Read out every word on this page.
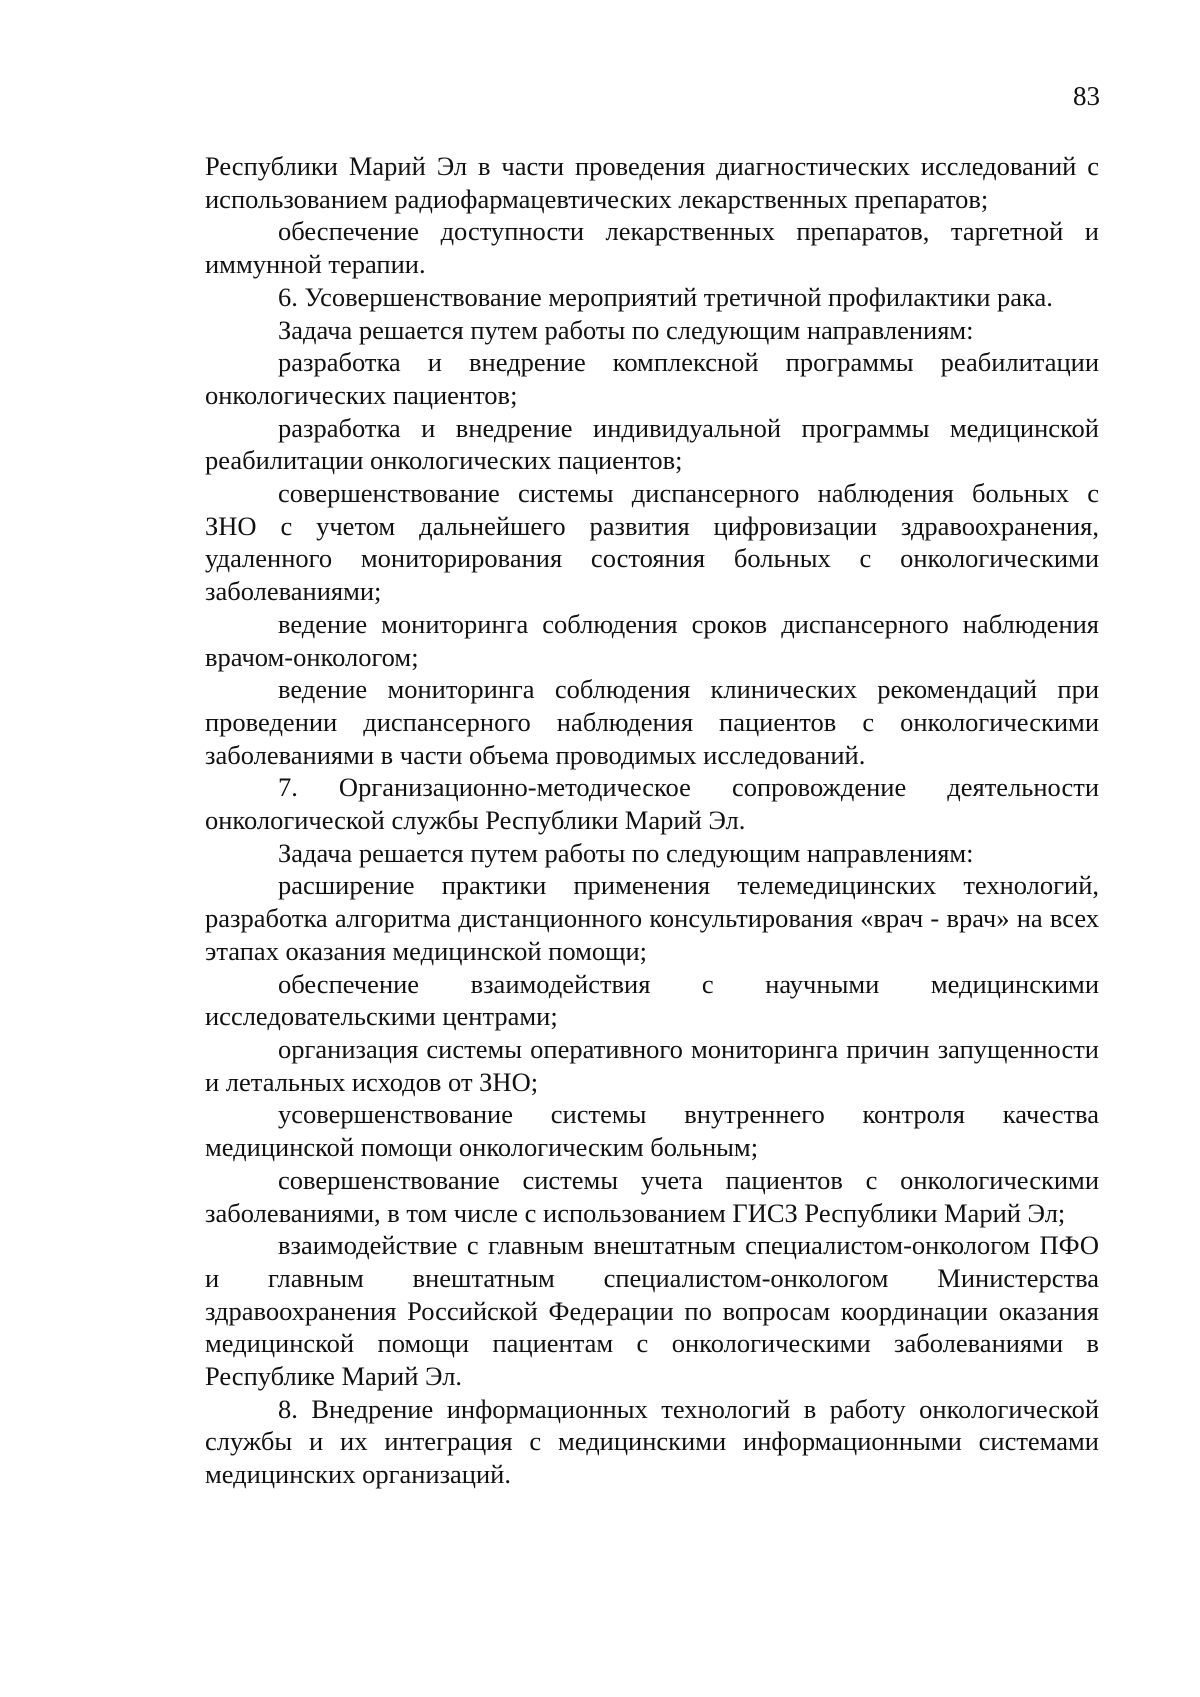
83

Республики Марий Эл в части проведения диагностических исследований с использованием радиофармацевтических лекарственных препаратов;

обеспечение доступности лекарственных препаратов, таргетной и иммунной терапии.

6. Усовершенствование мероприятий третичной профилактики рака.

Задача решается путем работы по следующим направлениям:

разработка и внедрение комплексной программы реабилитации онкологических пациентов;

разработка и внедрение индивидуальной программы медицинской реабилитации онкологических пациентов;

совершенствование системы диспансерного наблюдения больных с ЗНО с учетом дальнейшего развития цифровизации здравоохранения, удаленного мониторирования состояния больных с онкологическими заболеваниями;

ведение мониторинга соблюдения сроков диспансерного наблюдения врачом-онкологом;

ведение мониторинга соблюдения клинических рекомендаций при проведении диспансерного наблюдения пациентов с онкологическими заболеваниями в части объема проводимых исследований.

7. Организационно-методическое сопровождение деятельности онкологической службы Республики Марий Эл.

Задача решается путем работы по следующим направлениям:

расширение практики применения телемедицинских технологий, разработка алгоритма дистанционного консультирования «врач - врач» на всех этапах оказания медицинской помощи;

обеспечение взаимодействия с научными медицинскими исследовательскими центрами;

организация системы оперативного мониторинга причин запущенности и летальных исходов от ЗНО;

усовершенствование системы внутреннего контроля качества медицинской помощи онкологическим больным;

совершенствование системы учета пациентов с онкологическими заболеваниями, в том числе с использованием ГИСЗ Республики Марий Эл;

взаимодействие с главным внештатным специалистом-онкологом ПФО и главным внештатным специалистом-онкологом Министерства здравоохранения Российской Федерации по вопросам координации оказания медицинской помощи пациентам с онкологическими заболеваниями в Республике Марий Эл.

8. Внедрение информационных технологий в работу онкологической службы и их интеграция с медицинскими информационными системами медицинских организаций.
